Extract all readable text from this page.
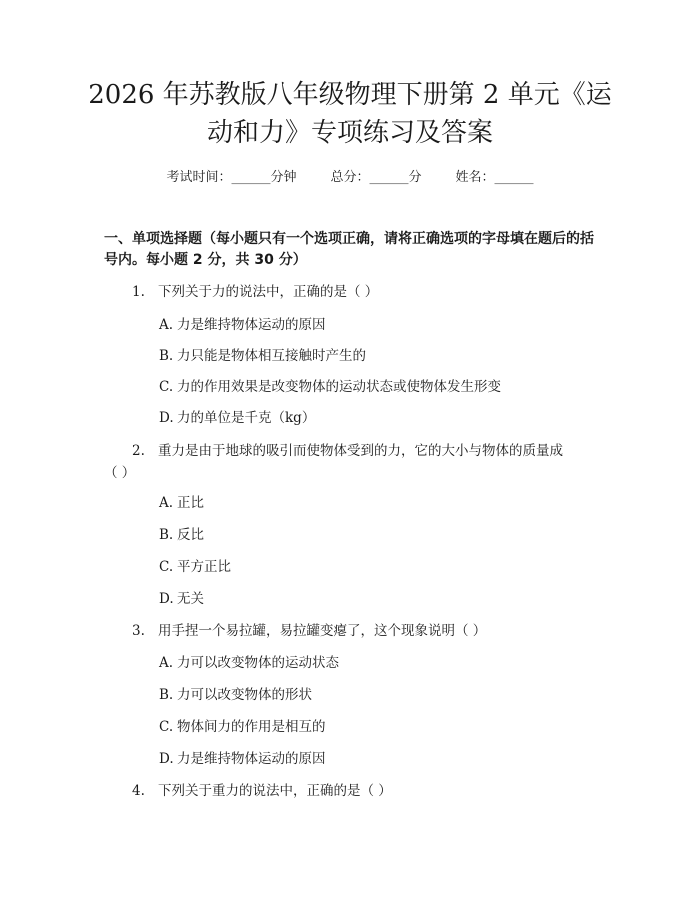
2026 年苏教版八年级物理下册第 2 单元《运
动和力》专项练习及答案
考试时间：______分钟	总分：______分	姓名：______
一、单项选择题（每小题只有一个选项正确，请将正确选项的字母填在题后的括
号内。每小题 2 分，共 30 分）
1. 下列关于力的说法中，正确的是（ ）
A. 力是维持物体运动的原因
B. 力只能是物体相互接触时产生的
C. 力的作用效果是改变物体的运动状态或使物体发生形变
D. 力的单位是千克（kg）
2. 重力是由于地球的吸引而使物体受到的力，它的大小与物体的质量成
（ ）
A. 正比
B. 反比
C. 平方正比
D. 无关
3. 用手捏一个易拉罐，易拉罐变瘪了，这个现象说明（ ）
A. 力可以改变物体的运动状态
B. 力可以改变物体的形状
C. 物体间力的作用是相互的
D. 力是维持物体运动的原因
4. 下列关于重力的说法中，正确的是（ ）
